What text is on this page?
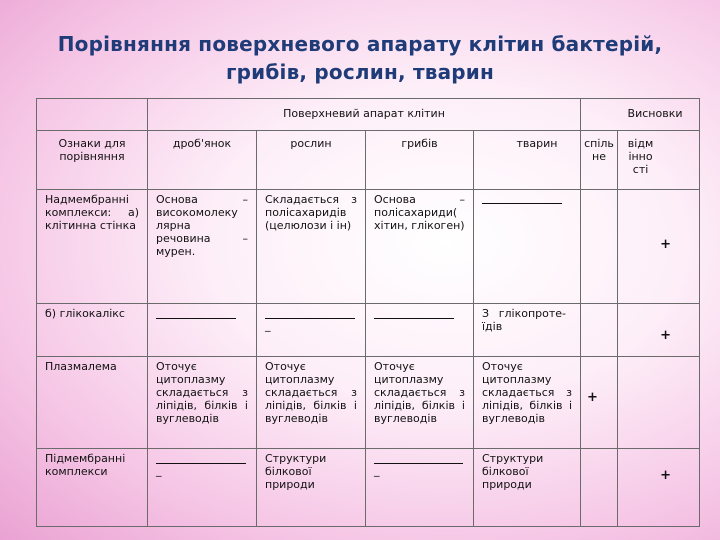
Порівняння поверхневого апарату клітин бактерій,
грибів, рослин, тварин
	Поверхневий апарат клітин				Висновки	
Ознаки для порівняння	дроб'янок	рослин	грибів	тварин	спіль не	відм інно сті
Надмембранні комплекси: а) клітинна стінка	Основа – високомолеку лярна речовина – мурен.	Складається з полісахаридів (целюлози і ін)	Основа – полісахариди( хітин, глікоген)			+

б) глікокалікс		_		З глікопроте-їдів		+

Плазмалема	Оточує цитоплазму складається з ліпідів, білків і вуглеводів	Оточує цитоплазму складається з ліпідів, білків і вуглеводів	Оточує цитоплазму складається з ліпідів, білків і вуглеводів	Оточує цитоплазму складається з ліпідів, білків і вуглеводів	+	
Підмембранні комплекси	_	Структури білкової природи	_	Структури білкової природи		+
